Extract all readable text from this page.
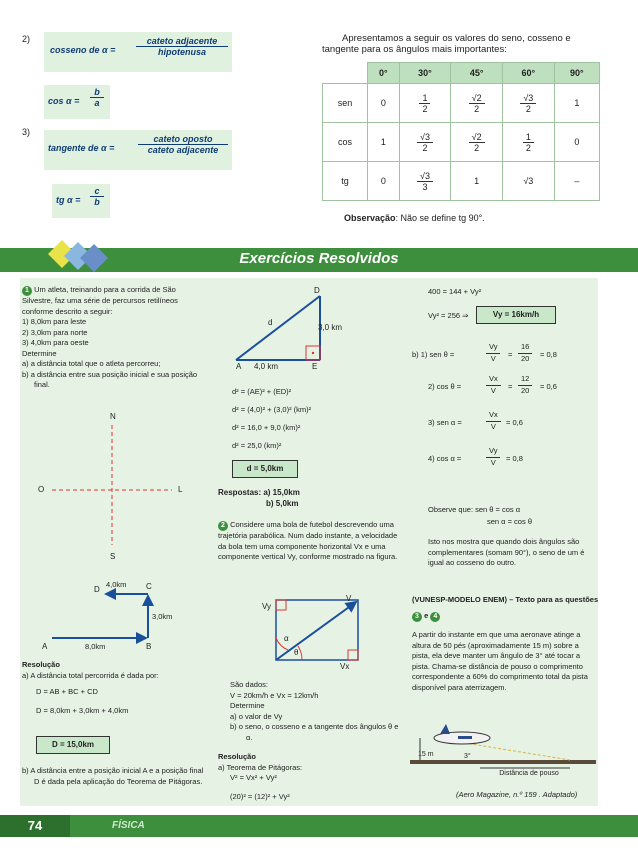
2)
cosseno de α =
cateto adjacente
hipotenusa
$\cos \alpha = \frac{b}{a}$
3)
tangente de α =
cateto oposto
cateto adjacente
tg $\alpha = \frac{c}{b}$
Apresentamos a seguir os valores do seno, cosseno e tangente para os ângulos mais importantes:
	0°	30°	45°	60°	90°
sen	0	$\frac{1}{2}$	$\frac{√2}{2}$	$\frac{√3}{2}$	1
cos	1	$\frac{√3}{2}$	$\frac{√2}{2}$	$\frac{1}{2}$	0
tg	0	$\frac{√3}{3}$	1	√3	–
Observação: Não se define tg 90°.
Exercícios Resolvidos
1 Um atleta, treinando para a corrida de São Silvestre, faz uma série de percursos retilíneos conforme descrito a seguir:
1) 8,0km para leste
2) 3,0km para norte
3) 4,0km para oeste
Determine
a) a distância total que o atleta percorreu;
b) a distância entre sua posição inicial e sua posição final.
N
S
O	L
A	B
C
D
8,0km
3,0km
4,0km
Resolução
a) A distância total percorrida é dada por:
D = AB + BC + CD
D = 8,0km + 3,0km + 4,0km
D = 15,0km
b) A distância entre a posição inicial A e a posição final D é dada pela aplicação do Teorema de Pitágoras.
D
A	E
d
3,0 km
4,0 km
d² = (AE)² + (ED)²
d² = (4,0)² + (3,0)² (km)²
d² = 16,0 + 9,0 (km)²
d² = 25,0 (km)²
d = 5,0km
Respostas: a) 15,0km
b) 5,0km
2 Considere uma bola de futebol descrevendo uma trajetória parabólica. Num dado instante, a velocidade da bola tem uma componente horizontal Vx e uma componente vertical Vy, conforme mostrado na figura.
V
Vy
Vx
α
θ
São dados:
V = 20km/h e Vx = 12km/h
Determine
a) o valor de Vy
b) o seno, o cosseno e a tangente dos ângulos θ e α.
Resolução
a) Teorema de Pitágoras:
V² = Vx² + Vy²
(20)² = (12)² + Vy²
400 = 144 + Vy²
Vy² = 256 ⇒	Vy = 16km/h
b) 1) sen θ =	$\frac{Vy}{V} = \frac{16}{20} = 0,8$
2) cos θ =	$\frac{Vx}{V} = \frac{12}{20} = 0,6$
3) sen α =	$\frac{Vx}{V} = 0,6$
4) cos α =	$\frac{Vy}{V} = 0,8$
Observe que: sen θ = cos α
sen α = cos θ
Isto nos mostra que quando dois ângulos são complementares (somam 90°), o seno de um é igual ao cosseno do outro.
(VUNESP-MODELO ENEM) – Texto para as questões 3 e 4
A partir do instante em que uma aeronave atinge a altura de 50 pés (aproximadamente 15 m) sobre a pista, ela deve manter um ângulo de 3° até tocar a pista. Chama-se distância de pouso o comprimento correspondente a 60% do comprimento total da pista disponível para aterrizagem.
15 m	3°
Distância de pouso
(Aero Magazine, n.º 159 . Adaptado)
74	FÍSICA
